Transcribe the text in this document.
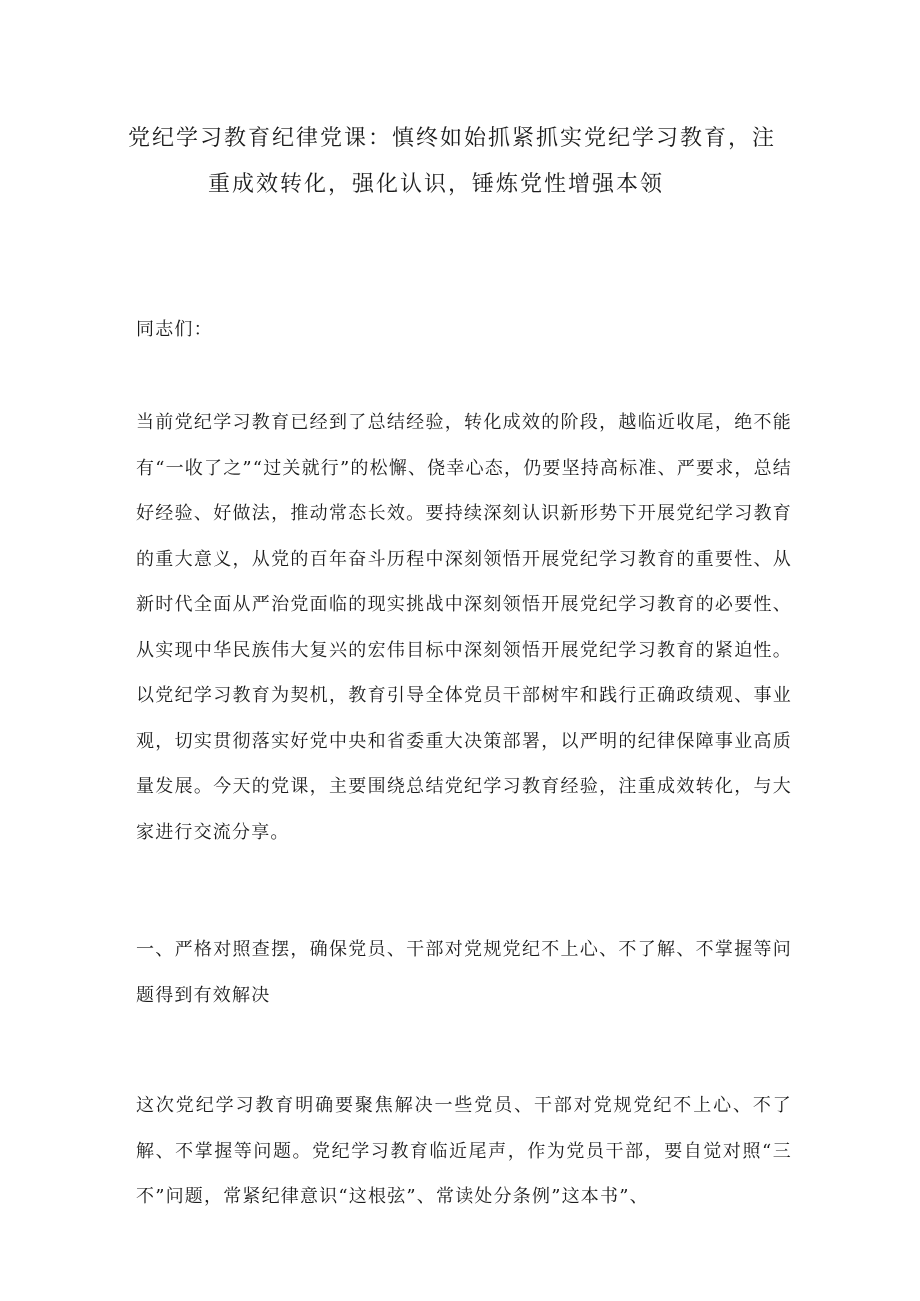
党纪学习教育纪律党课：慎终如始抓紧抓实党纪学习教育，注
重成效转化，强化认识，锤炼党性增强本领

同志们：

当前党纪学习教育已经到了总结经验，转化成效的阶段，越临近收尾，绝不能有“一收了之”“过关就行”的松懈、侥幸心态，仍要坚持高标准、严要求，总结好经验、好做法，推动常态长效。要持续深刻认识新形势下开展党纪学习教育的重大意义，从党的百年奋斗历程中深刻领悟开展党纪学习教育的重要性、从新时代全面从严治党面临的现实挑战中深刻领悟开展党纪学习教育的必要性、从实现中华民族伟大复兴的宏伟目标中深刻领悟开展党纪学习教育的紧迫性。以党纪学习教育为契机，教育引导全体党员干部树牢和践行正确政绩观、事业观，切实贯彻落实好党中央和省委重大决策部署，以严明的纪律保障事业高质量发展。今天的党课，主要围绕总结党纪学习教育经验，注重成效转化，与大家进行交流分享。

一、严格对照查摆，确保党员、干部对党规党纪不上心、不了解、不掌握等问题得到有效解决

这次党纪学习教育明确要聚焦解决一些党员、干部对党规党纪不上心、不了解、不掌握等问题。党纪学习教育临近尾声，作为党员干部，要自觉对照“三不”问题，常紧纪律意识“这根弦”、常读处分条例”这本书”、
